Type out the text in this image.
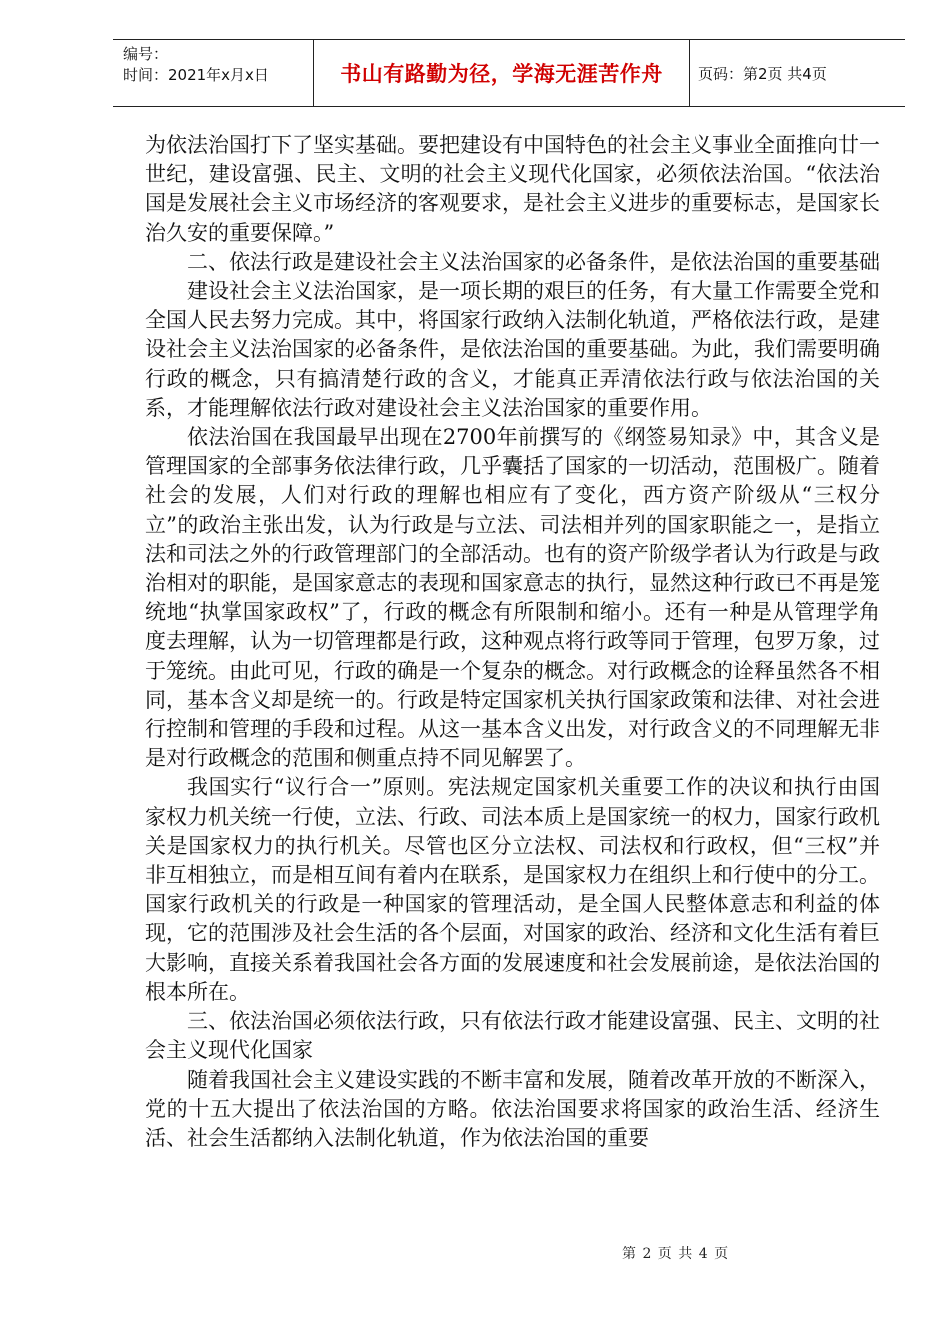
编号：
时间：2021年x月x日	书山有路勤为径，学海无涯苦作舟	页码：第2页 共4页

为依法治国打下了坚实基础。要把建设有中国特色的社会主义事业全面推向廿一世纪，建设富强、民主、文明的社会主义现代化国家，必须依法治国。“依法治国是发展社会主义市场经济的客观要求，是社会主义进步的重要标志，是国家长治久安的重要保障。”

二、依法行政是建设社会主义法治国家的必备条件，是依法治国的重要基础

建设社会主义法治国家，是一项长期的艰巨的任务，有大量工作需要全党和全国人民去努力完成。其中，将国家行政纳入法制化轨道，严格依法行政，是建设社会主义法治国家的必备条件，是依法治国的重要基础。为此，我们需要明确行政的概念，只有搞清楚行政的含义，才能真正弄清依法行政与依法治国的关系，才能理解依法行政对建设社会主义法治国家的重要作用。

依法治国在我国最早出现在2700年前撰写的《纲签易知录》中，其含义是管理国家的全部事务依法律行政，几乎囊括了国家的一切活动，范围极广。随着社会的发展，人们对行政的理解也相应有了变化，西方资产阶级从“三权分立”的政治主张出发，认为行政是与立法、司法相并列的国家职能之一，是指立法和司法之外的行政管理部门的全部活动。也有的资产阶级学者认为行政是与政治相对的职能，是国家意志的表现和国家意志的执行，显然这种行政已不再是笼统地“执掌国家政权”了，行政的概念有所限制和缩小。还有一种是从管理学角度去理解，认为一切管理都是行政，这种观点将行政等同于管理，包罗万象，过于笼统。由此可见，行政的确是一个复杂的概念。对行政概念的诠释虽然各不相同，基本含义却是统一的。行政是特定国家机关执行国家政策和法律、对社会进行控制和管理的手段和过程。从这一基本含义出发，对行政含义的不同理解无非是对行政概念的范围和侧重点持不同见解罢了。

我国实行“议行合一”原则。宪法规定国家机关重要工作的决议和执行由国家权力机关统一行使，立法、行政、司法本质上是国家统一的权力，国家行政机关是国家权力的执行机关。尽管也区分立法权、司法权和行政权，但“三权”并非互相独立，而是相互间有着内在联系，是国家权力在组织上和行使中的分工。国家行政机关的行政是一种国家的管理活动，是全国人民整体意志和利益的体现，它的范围涉及社会生活的各个层面，对国家的政治、经济和文化生活有着巨大影响，直接关系着我国社会各方面的发展速度和社会发展前途，是依法治国的根本所在。

三、依法治国必须依法行政，只有依法行政才能建设富强、民主、文明的社会主义现代化国家

随着我国社会主义建设实践的不断丰富和发展，随着改革开放的不断深入，党的十五大提出了依法治国的方略。依法治国要求将国家的政治生活、经济生活、社会生活都纳入法制化轨道，作为依法治国的重要

第 2 页 共 4 页
